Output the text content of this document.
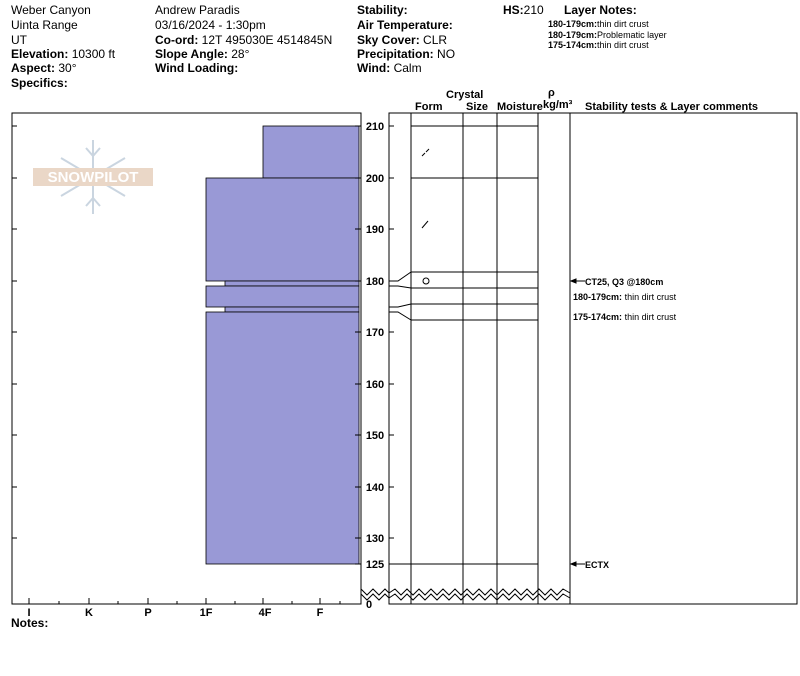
Weber Canyon
Uinta Range
UT
Elevation: 10300 ft
Aspect: 30°
Specifics:
Andrew Paradis
03/16/2024 - 1:30pm
Co-ord: 12T 495030E 4514845N
Slope Angle: 28°
Wind Loading:
Stability:
Air Temperature:
Sky Cover: CLR
Precipitation: NO
Wind: Calm
HS:210 Layer Notes:
180-179cm:thin dirt crust
180-179cm:Problematic layer
175-174cm:thin dirt crust
Crystal
Form Size Moisture
ρ
kg/m³ Stability tests & Layer comments
SNOWPILOT
I	K	P	1F	4F	F
210
200
190
180
170
160
150
140
130
125
0
CT25, Q3 @180cm
180-179cm: thin dirt crust
175-174cm: thin dirt crust
ECTX
Notes:
